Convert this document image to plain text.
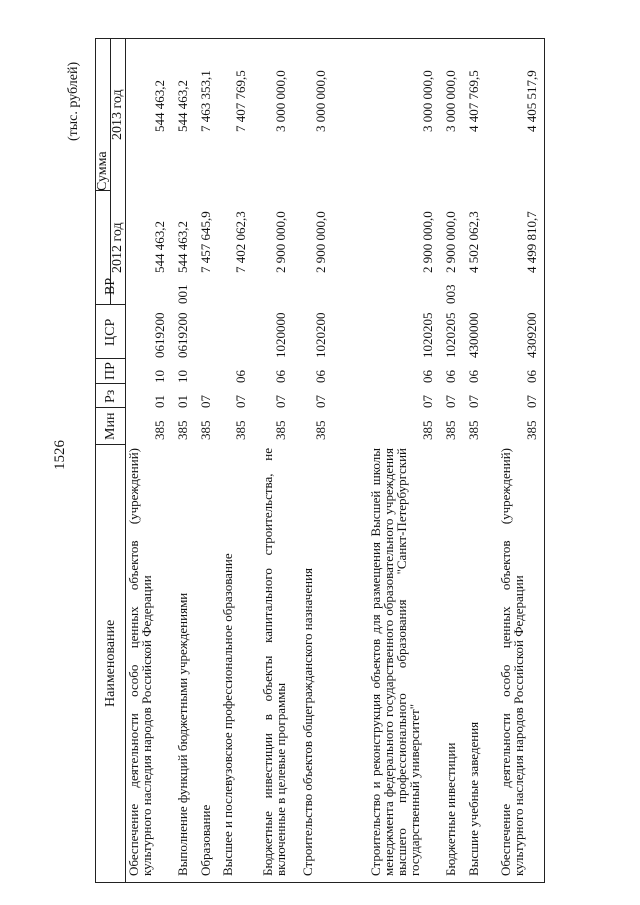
1526
(тыс. рублей)
Наименование
Мин
Рз
ПР
ЦСР
ВР
Сумма
2012 год
2013 год
Обеспечение деятельности особо ценных объектов (учреждений) культурного наследия народов Российской Федерации
385
01
10
0619200
544 463,2
544 463,2
Выполнение функций бюджетными учреждениями
385
01
10
0619200
001
544 463,2
544 463,2
Образование
385
07
7 457 645,9
7 463 353,1
Высшее и послевузовское профессиональное образование
385
07
06
7 402 062,3
7 407 769,5
Бюджетные инвестиции в объекты капитального строительства, не включенные в целевые программы
385
07
06
1020000
2 900 000,0
3 000 000,0
Строительство объектов общегражданского назначения
385
07
06
1020200
2 900 000,0
3 000 000,0
Строительство и реконструкция объектов для размещения Высшей школы менеджмента федерального государственного образовательного учреждения высшего профессионального образования "Санкт-Петербургский государственный университет"
385
07
06
1020205
2 900 000,0
3 000 000,0
Бюджетные инвестиции
385
07
06
1020205
003
2 900 000,0
3 000 000,0
Высшие учебные заведения
385
07
06
4300000
4 502 062,3
4 407 769,5
Обеспечение деятельности особо ценных объектов (учреждений) культурного наследия народов Российской Федерации
385
07
06
4309200
4 499 810,7
4 405 517,9
